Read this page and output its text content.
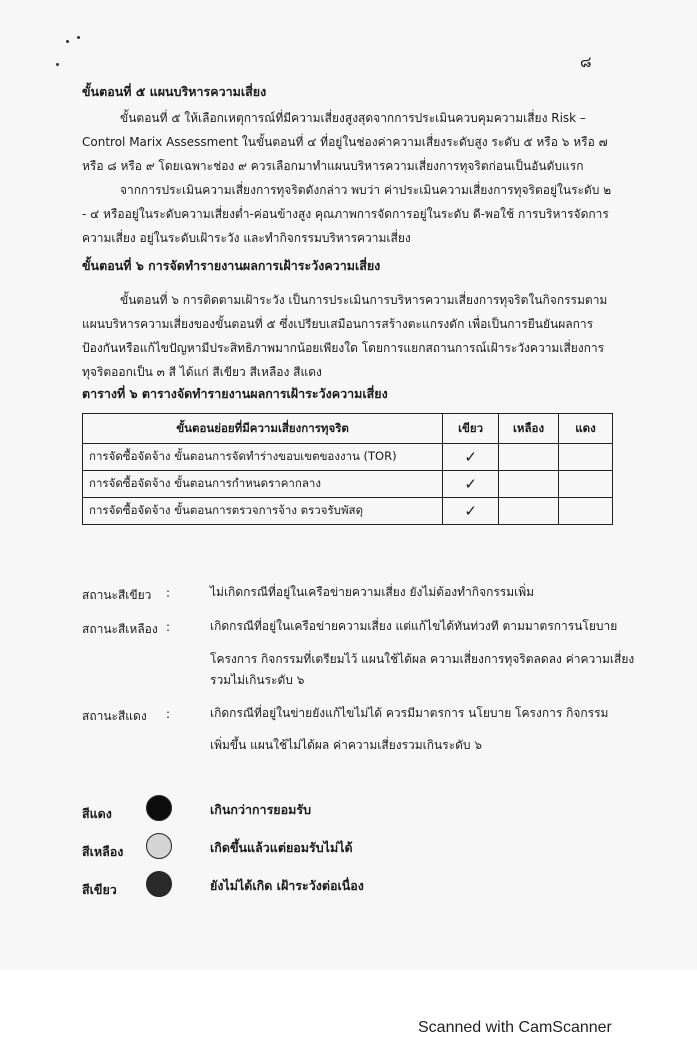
๘
ขั้นตอนที่ ๕ แผนบริหารความเสี่ยง
ขั้นตอนที่ ๕ ให้เลือกเหตุการณ์ที่มีความเสี่ยงสูงสุดจากการประเมินควบคุมความเสี่ยง Risk – Control Marix Assessment ในขั้นตอนที่ ๔ ที่อยู่ในช่องค่าความเสี่ยงระดับสูง ระดับ ๕ หรือ ๖ หรือ ๗ หรือ ๘ หรือ ๙ โดยเฉพาะช่อง ๙ ควรเลือกมาทำแผนบริหารความเสี่ยงการทุจริตก่อนเป็นอันดับแรก
จากการประเมินความเสี่ยงการทุจริตดังกล่าว พบว่า ค่าประเมินความเสี่ยงการทุจริตอยู่ในระดับ ๒ - ๔ หรืออยู่ในระดับความเสี่ยงต่ำ-ค่อนข้างสูง คุณภาพการจัดการอยู่ในระดับ ดี-พอใช้ การบริหารจัดการความเสี่ยง อยู่ในระดับเฝ้าระวัง และทำกิจกรรมบริหารความเสี่ยง
ขั้นตอนที่ ๖ การจัดทำรายงานผลการเฝ้าระวังความเสี่ยง
ขั้นตอนที่ ๖ การติดตามเฝ้าระวัง เป็นการประเมินการบริหารความเสี่ยงการทุจริตในกิจกรรมตามแผนบริหารความเสี่ยงของขั้นตอนที่ ๕ ซึ่งเปรียบเสมือนการสร้างตะแกรงดัก เพื่อเป็นการยืนยันผลการป้องกันหรือแก้ไขปัญหามีประสิทธิภาพมากน้อยเพียงใด โดยการแยกสถานการณ์เฝ้าระวังความเสี่ยงการทุจริตออกเป็น ๓ สี ได้แก่ สีเขียว สีเหลือง สีแดง
ตารางที่ ๖ ตารางจัดทำรายงานผลการเฝ้าระวังความเสี่ยง
ขั้นตอนย่อยที่มีความเสี่ยงการทุจริต	เขียว	เหลือง	แดง
การจัดซื้อจัดจ้าง ขั้นตอนการจัดทำร่างขอบเขตของงาน (TOR)	✓		
การจัดซื้อจัดจ้าง ขั้นตอนการกำหนดราคากลาง	✓		
การจัดซื้อจัดจ้าง ขั้นตอนการตรวจการจ้าง ตรวจรับพัสดุ	✓		
สถานะสีเขียว :	ไม่เกิดกรณีที่อยู่ในเครือข่ายความเสี่ยง ยังไม่ต้องทำกิจกรรมเพิ่ม
สถานะสีเหลือง :	เกิดกรณีที่อยู่ในเครือข่ายความเสี่ยง แต่แก้ไขได้ทันท่วงที ตามมาตรการนโยบาย
โครงการ กิจกรรมที่เตรียมไว้ แผนใช้ได้ผล ความเสี่ยงการทุจริตลดลง ค่าความเสี่ยง
รวมไม่เกินระดับ ๖
สถานะสีแดง :	เกิดกรณีที่อยู่ในข่ายยังแก้ไขไม่ได้ ควรมีมาตรการ นโยบาย โครงการ กิจกรรม
เพิ่มขึ้น แผนใช้ไม่ได้ผล ค่าความเสี่ยงรวมเกินระดับ ๖
สีแดง	เกินกว่าการยอมรับ
สีเหลือง	เกิดขึ้นแล้วแต่ยอมรับไม่ได้
สีเขียว	ยังไม่ได้เกิด เฝ้าระวังต่อเนื่อง
Scanned with CamScanner
